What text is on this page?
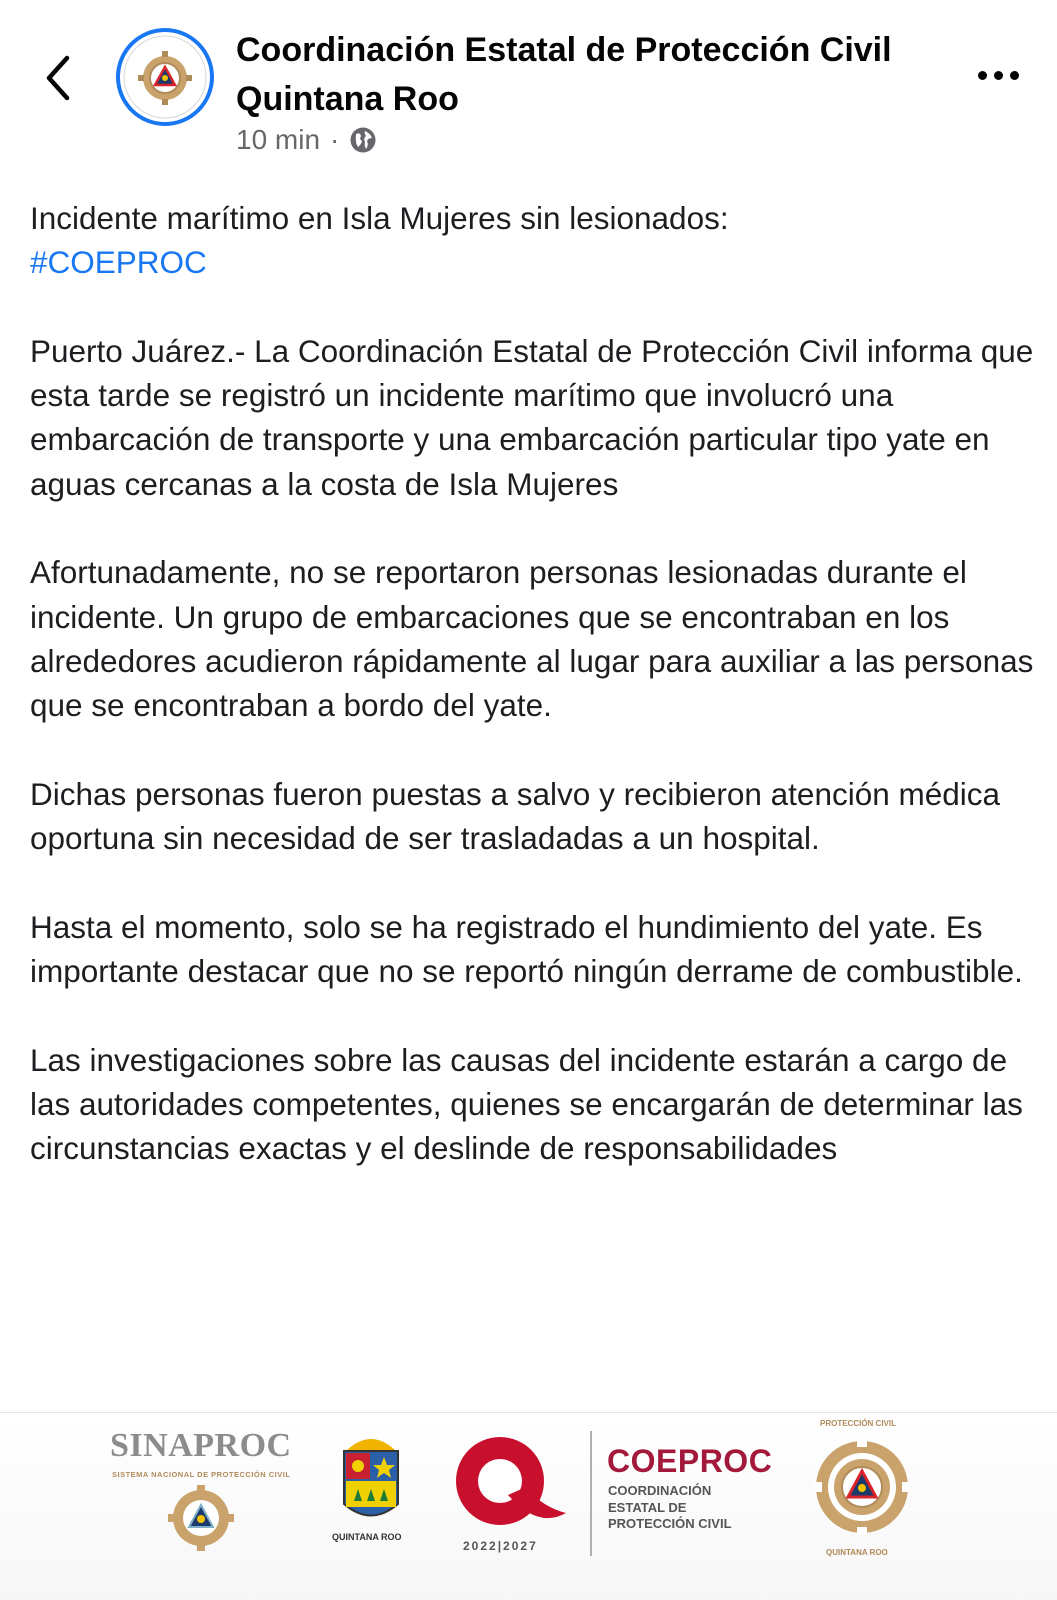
Coordinación Estatal de Protección Civil Quintana Roo
10 min ·

Incidente marítimo en Isla Mujeres sin lesionados:
#COEPROC

Puerto Juárez.- La Coordinación Estatal de Protección Civil informa que esta tarde se registró un incidente marítimo que involucró una embarcación de transporte y una embarcación particular tipo yate en aguas cercanas a la costa de Isla Mujeres

Afortunadamente, no se reportaron personas lesionadas durante el incidente. Un grupo de embarcaciones que se encontraban en los alrededores acudieron rápidamente al lugar para auxiliar a las personas que se encontraban a bordo del yate.

Dichas personas fueron puestas a salvo y recibieron atención médica oportuna sin necesidad de ser trasladadas a un hospital.

Hasta el momento, solo se ha registrado el hundimiento del yate. Es importante destacar que no se reportó ningún derrame de combustible.

Las investigaciones sobre las causas del incidente estarán a cargo de las autoridades competentes, quienes se encargarán de determinar las circunstancias exactas y el deslinde de responsabilidades

SINAPROC
SISTEMA NACIONAL DE PROTECCIÓN CIVIL
QUINTANA ROO
2022|2027
COEPROC
COORDINACIÓN ESTATAL DE PROTECCIÓN CIVIL
PROTECCIÓN CIVIL
QUINTANA ROO
